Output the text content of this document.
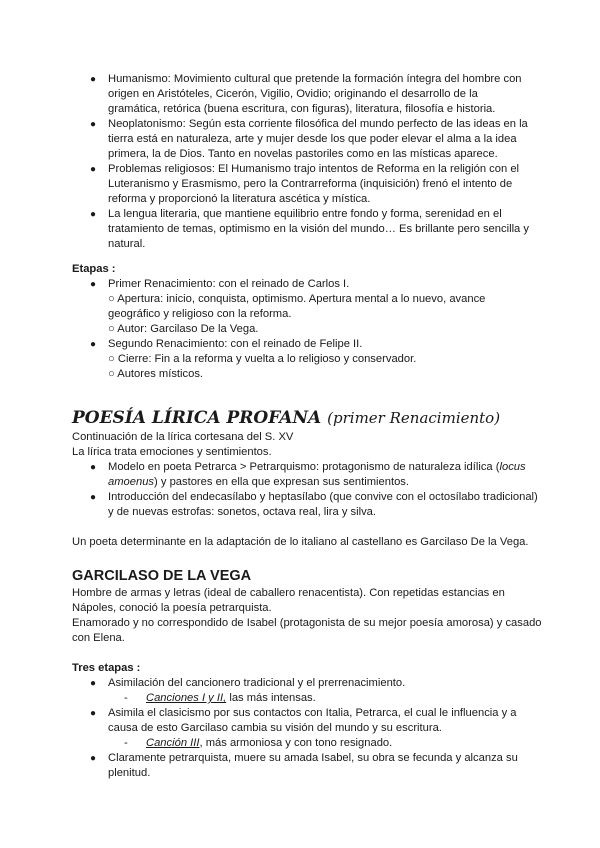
● Humanismo: Movimiento cultural que pretende la formación íntegra del hombre con origen en Aristóteles, Cicerón, Vigilio, Ovidio; originando el desarrollo de la gramática, retórica (buena escritura, con figuras), literatura, filosofía e historia.
● Neoplatonismo: Según esta corriente filosófica del mundo perfecto de las ideas en la tierra está en naturaleza, arte y mujer desde los que poder elevar el alma a la idea primera, la de Dios. Tanto en novelas pastoriles como en las místicas aparece.
● Problemas religiosos: El Humanismo trajo intentos de Reforma en la religión con el Luteranismo y Erasmismo, pero la Contrarreforma (inquisición) frenó el intento de reforma y proporcionó la literatura ascética y mística.
● La lengua literaria, que mantiene equilibrio entre fondo y forma, serenidad en el tratamiento de temas, optimismo en la visión del mundo… Es brillante pero sencilla y natural.
Etapas :
● Primer Renacimiento: con el reinado de Carlos I.
○ Apertura: inicio, conquista, optimismo. Apertura mental a lo nuevo, avance geográfico y religioso con la reforma.
○ Autor: Garcilaso De la Vega.
● Segundo Renacimiento: con el reinado de Felipe II.
○ Cierre: Fin a la reforma y vuelta a lo religioso y conservador.
○ Autores místicos.
POESÍA LÍRICA PROFANA (primer Renacimiento)
Continuación de la lírica cortesana del S. XV
La lírica trata emociones y sentimientos.
● Modelo en poeta Petrarca > Petrarquismo: protagonismo de naturaleza idílica (locus amoenus) y pastores en ella que expresan sus sentimientos.
● Introducción del endecasílabo y heptasílabo (que convive con el octosílabo tradicional) y de nuevas estrofas: sonetos, octava real, lira y silva.
Un poeta determinante en la adaptación de lo italiano al castellano es Garcilaso De la Vega.
GARCILASO DE LA VEGA
Hombre de armas y letras (ideal de caballero renacentista). Con repetidas estancias en Nápoles, conoció la poesía petrarquista.
Enamorado y no correspondido de Isabel (protagonista de su mejor poesía amorosa) y casado con Elena.
Tres etapas :
● Asimilación del cancionero tradicional y el prerrenacimiento.
- Canciones I y II, las más intensas.
● Asimila el clasicismo por sus contactos con Italia, Petrarca, el cual le influencia y a causa de esto Garcilaso cambia su visión del mundo y su escritura.
- Canción III, más armoniosa y con tono resignado.
● Claramente petrarquista, muere su amada Isabel, su obra se fecunda y alcanza su plenitud.
